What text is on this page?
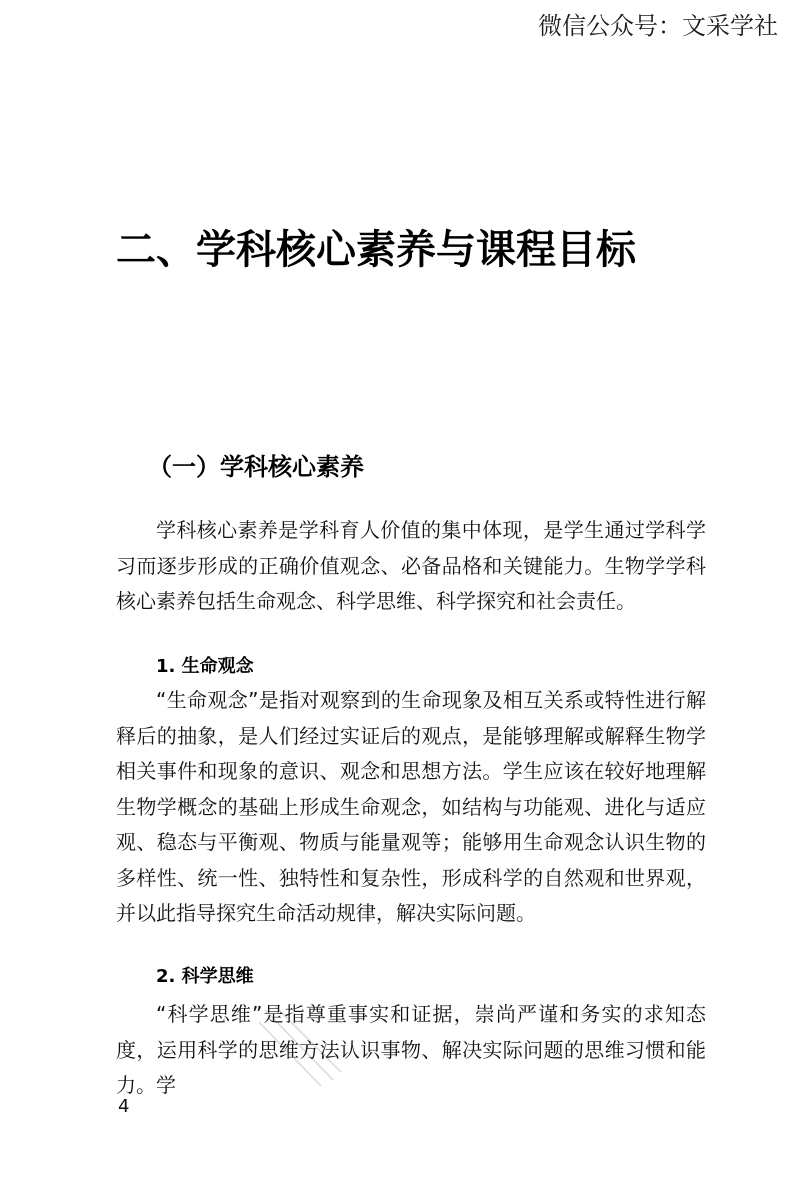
微信公众号：文采学社
二、学科核心素养与课程目标
（一）学科核心素养

学科核心素养是学科育人价值的集中体现，是学生通过学科学习而逐步形成的正确价值观念、必备品格和关键能力。生物学学科核心素养包括生命观念、科学思维、科学探究和社会责任。

1. 生命观念

“生命观念”是指对观察到的生命现象及相互关系或特性进行解释后的抽象，是人们经过实证后的观点，是能够理解或解释生物学相关事件和现象的意识、观念和思想方法。学生应该在较好地理解生物学概念的基础上形成生命观念，如结构与功能观、进化与适应观、稳态与平衡观、物质与能量观等；能够用生命观念认识生物的多样性、统一性、独特性和复杂性，形成科学的自然观和世界观，并以此指导探究生命活动规律，解决实际问题。

2. 科学思维

“科学思维”是指尊重事实和证据，崇尚严谨和务实的求知态度，运用科学的思维方法认识事物、解决实际问题的思维习惯和能力。学

4
